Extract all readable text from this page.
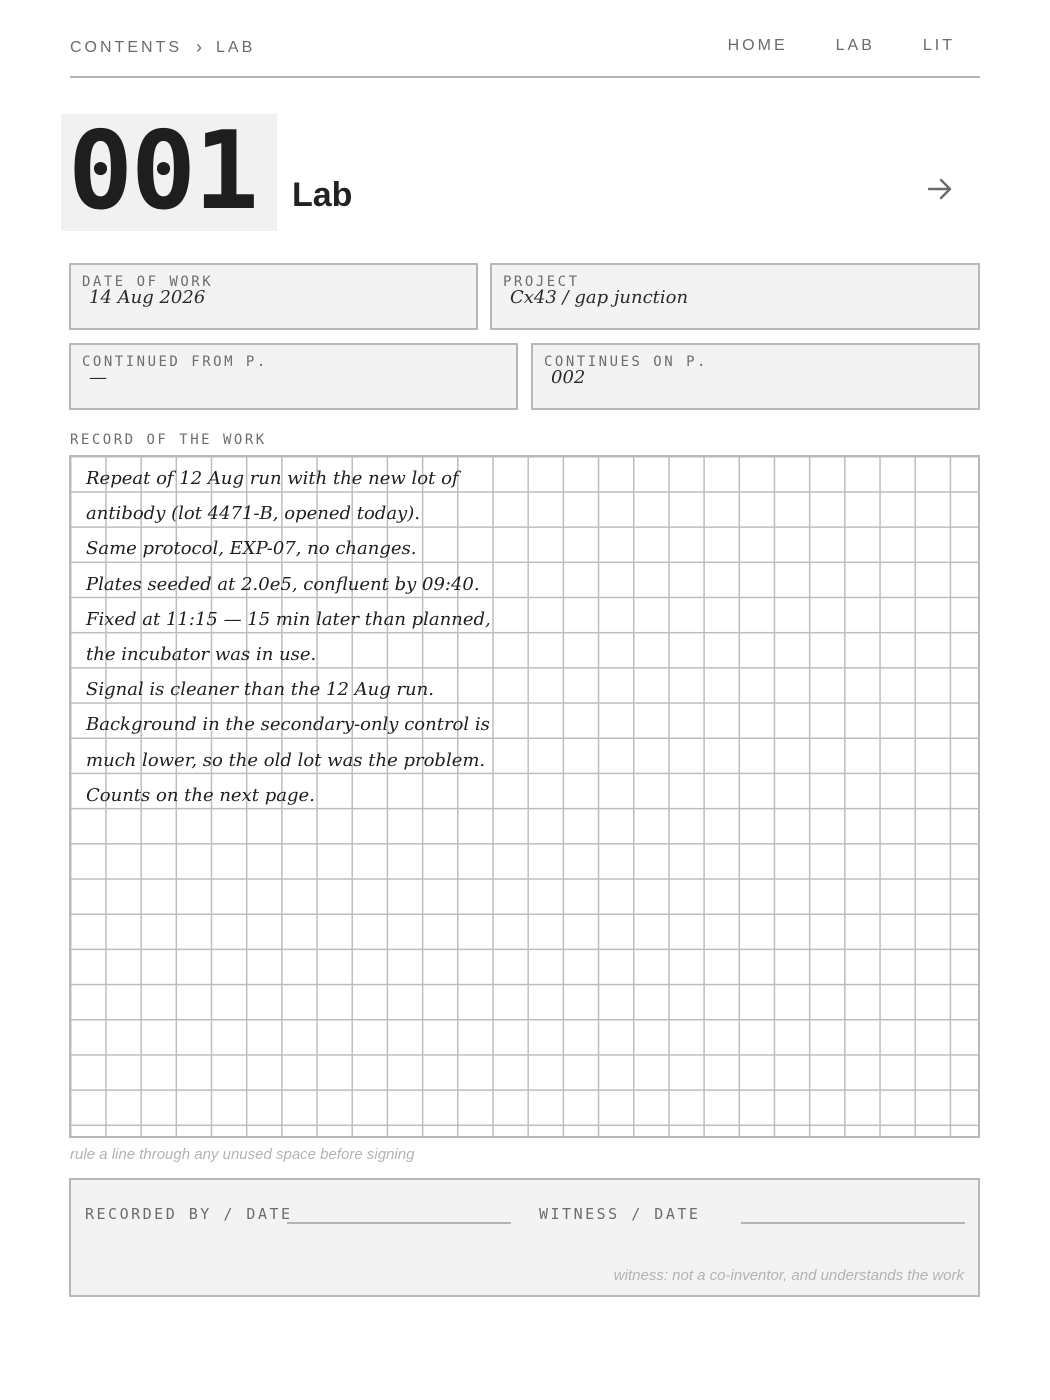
CONTENTS › LAB	HOME	LAB	LIT
001 Lab
DATE OF WORK
14 Aug 2026
PROJECT
Cx43 / gap junction
CONTINUED FROM P.
—
CONTINUES ON P.
002
RECORD OF THE WORK
Repeat of 12 Aug run with the new lot of
antibody (lot 4471-B, opened today).
Same protocol, EXP-07, no changes.
Plates seeded at 2.0e5, confluent by 09:40.
Fixed at 11:15 — 15 min later than planned,
the incubator was in use.
Signal is cleaner than the 12 Aug run.
Background in the secondary-only control is
much lower, so the old lot was the problem.
Counts on the next page.
rule a line through any unused space before signing
RECORDED BY / DATE	WITNESS / DATE
witness: not a co-inventor, and understands the work
